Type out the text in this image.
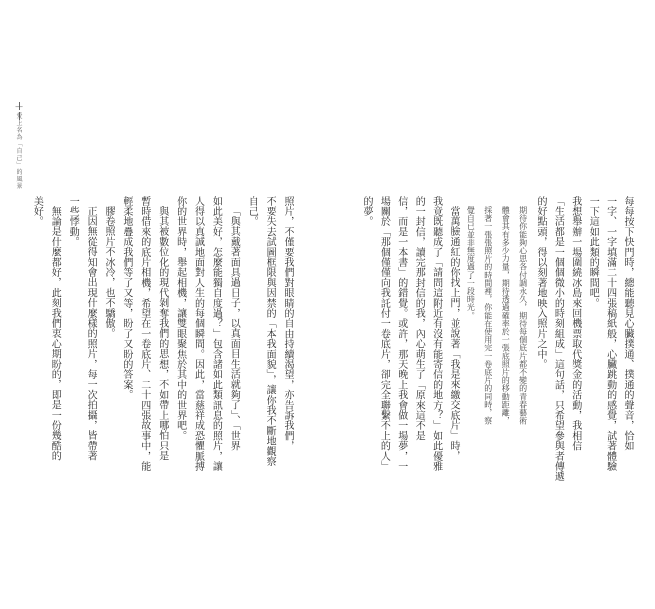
│ 愛上名為「自己」的風景
照片，不僅要我們對眼睛的自由持續渴望，亦告訴我們，
不要失去試圖框限與因禁的「本我面貌」，讓你我不斷地觀察
自己。
「與其戴著面具過日子，以真面目生活就夠了」、「世界
如此美好，怎麼能獨自度過？」包含諸如此類訊息的照片，讓
人得以真誠地面對人生的每個瞬間。因此，當慈祥成恐懼脈搏
你的世界時，舉起相機，讓雙眼聚焦於其中的世界吧。
與其被數位化的現代剝奪我們的思想，不如帶上哪怕只是
暫時借來的底片相機，希望在一卷底片、二十四張故事中，能
輕柔地疊成我們等了又等，盼了又盼的答案。
膠卷照片不冰冷，也不驕傲。
正因無從得知會出現什麼樣的照片，每一次拍攝，皆帶著
一些悸動。
無論是什麼都好，此刻我們衷心期盼的，即是一份幾酷的
美好。	每每按下快門時，總能聽見心臟撲通、撲通的聲音，恰如
一字、一字填滿二十四張稿紙般，心臟跳動的感覺，試著體驗
一下這如此類的瞬間吧。
我想舉辦一場圍繞冰島來回機票取代獎金的活動，我相信
「生活都是一個個微小的時刻組成」這句話，只希望參與者傳遞
的好點頭，得以刻著地映入照片之中。
期待你能夠心思各付調永久，期待每個底片都不變的青春藝術
體會其有多少力量，期待透過確率於一張底照片的移動距離，
採著一張張照片的時間裡，你能在使用完一卷底片的同時，察
覺自已並非無度過了一段時光。
當萬臉通紅的你找上門，並說著「我是來繳交底片」時，
我竟既聽成了「請問這附近有沒有能寄信的地方？」如此優雅
的一封信，讀完那封信的我，內心萌生了「原來這不是
信，而是一本書」的錯覺。或許，那天晚上我會做一場夢，一
場關於「那個僅僅向我託付一卷底片，卻完全聯繫不上的人」
的夢。
